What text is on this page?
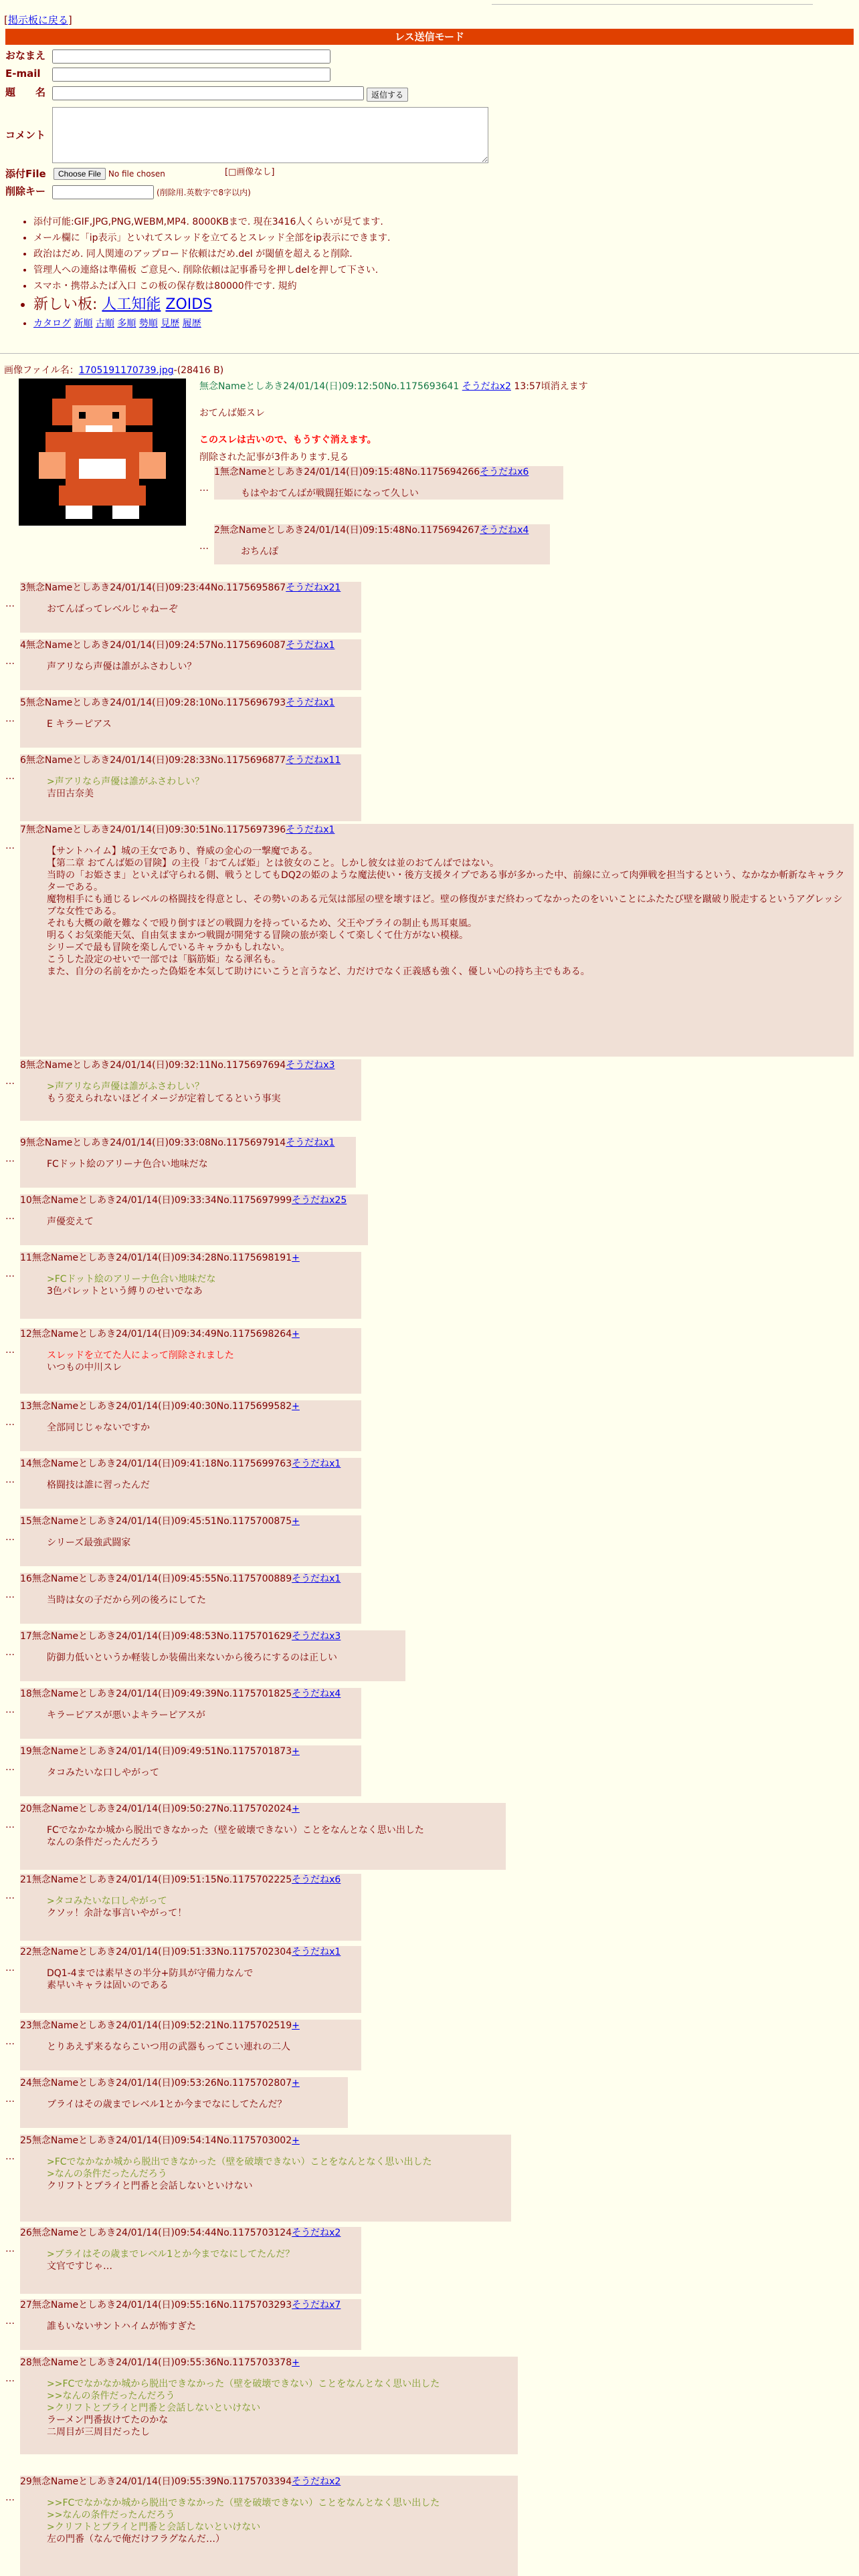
[掲示板に戻る]
レス送信モード
おなまえ
E-mail
題　　名	返信する
コメント
添付File	Choose File No file chosen	[□画像なし]
削除キー	(削除用.英数字で8字以内)
• 添付可能:GIF,JPG,PNG,WEBM,MP4. 8000KBまで. 現在3416人くらいが見てます.
• メール欄に「ip表示」といれてスレッドを立てるとスレッド全部をip表示にできます.
• 政治はだめ. 同人関連のアップロード依頼はだめ.del が閾値を超えると削除.
• 管理人への連絡は準備板 ご意見へ. 削除依頼は記事番号を押しdelを押して下さい.
• スマホ・携帯ふたば入口 この板の保存数は80000件です. 規約
• 新しい板: 人工知能 ZOIDS
• カタログ 新順 古順 多順 勢順 見歴 履歴
画像ファイル名：1705191170739.jpg-(28416 B)
無念Nameとしあき24/01/14(日)09:12:50No.1175693641 そうだねx2 13:57頃消えます
おてんば姫スレ
このスレは古いので、もうすぐ消えます。
削除された記事が3件あります.見る
…
1無念Nameとしあき24/01/14(日)09:15:48No.1175694266そうだねx6
もはやおてんばが戦闘狂姫になって久しい
…
2無念Nameとしあき24/01/14(日)09:15:48No.1175694267そうだねx4
おちんぽ
…
3無念Nameとしあき24/01/14(日)09:23:44No.1175695867そうだねx21
おてんばってレベルじゃねーぞ
…
4無念Nameとしあき24/01/14(日)09:24:57No.1175696087そうだねx1
声アリなら声優は誰がふさわしい？
…
5無念Nameとしあき24/01/14(日)09:28:10No.1175696793そうだねx1
E キラーピアス
…
6無念Nameとしあき24/01/14(日)09:28:33No.1175696877そうだねx11
>声アリなら声優は誰がふさわしい？
吉田古奈美
…
7無念Nameとしあき24/01/14(日)09:30:51No.1175697396そうだねx1
【サントハイム】城の王女であり、脊威の金心の一撃魔である。
【第二章 おてんば姫の冒険】の主役「おてんば姫」とは彼女のこと。しかし彼女は並のおてんばではない。
当時の「お姫さま」といえば守られる側、戦うとしてもDQ2の姫のような魔法使い・後方支援タイプである事が多かった中、前線に立って肉弾戦を担当するという、なかなか斬新なキャラクターである。
魔物相手にも通じるレベルの格闘技を得意とし、その勢いのある元気は部屋の壁を壊すほど。壁の修復がまだ終わってなかったのをいいことにふたたび壁を蹴破り脱走するというアグレッシブな女性である。
それも大概の敵を難なくで殴り倒すほどの戦闘力を持っているため、父王やブライの制止も馬耳東風。
明るくお気楽能天気、自由気ままかつ戦闘が開発する冒険の旅が楽しくて楽しくて仕方がない模様。
シリーズで最も冒険を楽しんでいるキャラかもしれない。
こうした設定のせいで一部では「脳筋姫」なる渾名も。
また、自分の名前をかたった偽姫を本気して助けにいこうと言うなど、力だけでなく正義感も強く、優しい心の持ち主でもある。
…
8無念Nameとしあき24/01/14(日)09:32:11No.1175697694そうだねx3
>声アリなら声優は誰がふさわしい？
もう変えられないほどイメージが定着してるという事実
…
9無念Nameとしあき24/01/14(日)09:33:08No.1175697914そうだねx1
FCドット絵のアリーナ色合い地味だな
…
10無念Nameとしあき24/01/14(日)09:33:34No.1175697999そうだねx25
声優変えて
…
11無念Nameとしあき24/01/14(日)09:34:28No.1175698191+
>FCドット絵のアリーナ色合い地味だな
3色パレットという縛りのせいでなあ
…
12無念Nameとしあき24/01/14(日)09:34:49No.1175698264+
スレッドを立てた人によって削除されました
いつもの中川スレ
…
13無念Nameとしあき24/01/14(日)09:40:30No.1175699582+
全部同じじゃないですか
…
14無念Nameとしあき24/01/14(日)09:41:18No.1175699763そうだねx1
格闘技は誰に習ったんだ
…
15無念Nameとしあき24/01/14(日)09:45:51No.1175700875+
シリーズ最強武闘家
…
16無念Nameとしあき24/01/14(日)09:45:55No.1175700889そうだねx1
当時は女の子だから列の後ろにしてた
…
17無念Nameとしあき24/01/14(日)09:48:53No.1175701629そうだねx3
防御力低いというか軽装しか装備出来ないから後ろにするのは正しい
…
18無念Nameとしあき24/01/14(日)09:49:39No.1175701825そうだねx4
キラーピアスが悪いよキラーピアスが
…
19無念Nameとしあき24/01/14(日)09:49:51No.1175701873+
タコみたいな口しやがって
…
20無念Nameとしあき24/01/14(日)09:50:27No.1175702024+
FCでなかなか城から脱出できなかった（壁を破壊できない）ことをなんとなく思い出した
なんの条件だったんだろう
…
21無念Nameとしあき24/01/14(日)09:51:15No.1175702225そうだねx6
>タコみたいな口しやがって
クソッ！余計な事言いやがって！
…
22無念Nameとしあき24/01/14(日)09:51:33No.1175702304そうだねx1
DQ1-4までは素早さの半分+防具が守備力なんで
素早いキャラは固いのである
…
23無念Nameとしあき24/01/14(日)09:52:21No.1175702519+
とりあえず来るならこいつ用の武器もってこい連れの二人
…
24無念Nameとしあき24/01/14(日)09:53:26No.1175702807+
ブライはその歳までレベル1とか今までなにしてたんだ？
…
25無念Nameとしあき24/01/14(日)09:54:14No.1175703002+
>FCでなかなか城から脱出できなかった（壁を破壊できない）ことをなんとなく思い出した
>なんの条件だったんだろう
クリフトとブライと門番と会話しないといけない
…
26無念Nameとしあき24/01/14(日)09:54:44No.1175703124そうだねx2
>ブライはその歳までレベル1とか今までなにしてたんだ？
文官ですじゃ…
…
27無念Nameとしあき24/01/14(日)09:55:16No.1175703293そうだねx7
誰もいないサントハイムが怖すぎた
…
28無念Nameとしあき24/01/14(日)09:55:36No.1175703378+
>>FCでなかなか城から脱出できなかった（壁を破壊できない）ことをなんとなく思い出した
>>なんの条件だったんだろう
>クリフトとブライと門番と会話しないといけない
ラーメン門番抜けてたのかな
二周目が三周目だったし
…
29無念Nameとしあき24/01/14(日)09:55:39No.1175703394そうだねx2
>>FCでなかなか城から脱出できなかった（壁を破壊できない）ことをなんとなく思い出した
>>なんの条件だったんだろう
>クリフトとブライと門番と会話しないといけない
左の門番（なんで俺だけフラグなんだ…）
